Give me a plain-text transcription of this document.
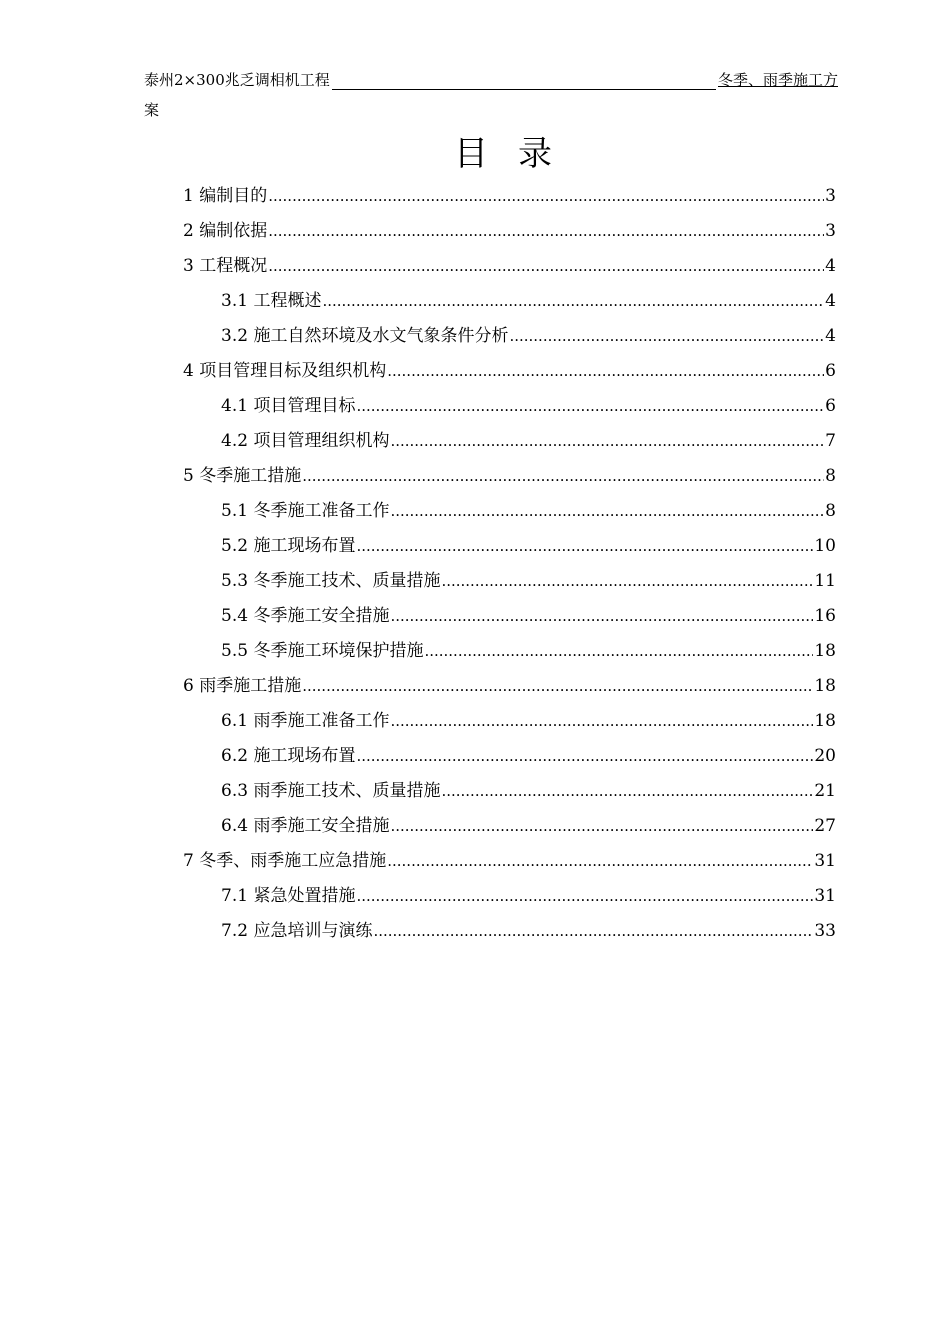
泰州2×300兆乏调相机工程	冬季、雨季施工方
案
目录
1 编制目的 .....	3
2 编制依据 .....	3
3 工程概况 .....	4
3.1 工程概述 .....	4
3.2 施工自然环境及水文气象条件分析 .....	4
4 项目管理目标及组织机构 .....	6
4.1 项目管理目标 .....	6
4.2 项目管理组织机构 .....	7
5 冬季施工措施 .....	8
5.1 冬季施工准备工作 .....	8
5.2 施工现场布置 .....	10
5.3 冬季施工技术、质量措施 .....	11
5.4 冬季施工安全措施 .....	16
5.5 冬季施工环境保护措施 .....	18
6 雨季施工措施 .....	18
6.1 雨季施工准备工作 .....	18
6.2 施工现场布置 .....	20
6.3 雨季施工技术、质量措施 .....	21
6.4 雨季施工安全措施 .....	27
7 冬季、雨季施工应急措施 .....	31
7.1 紧急处置措施 .....	31
7.2 应急培训与演练 .....	33
